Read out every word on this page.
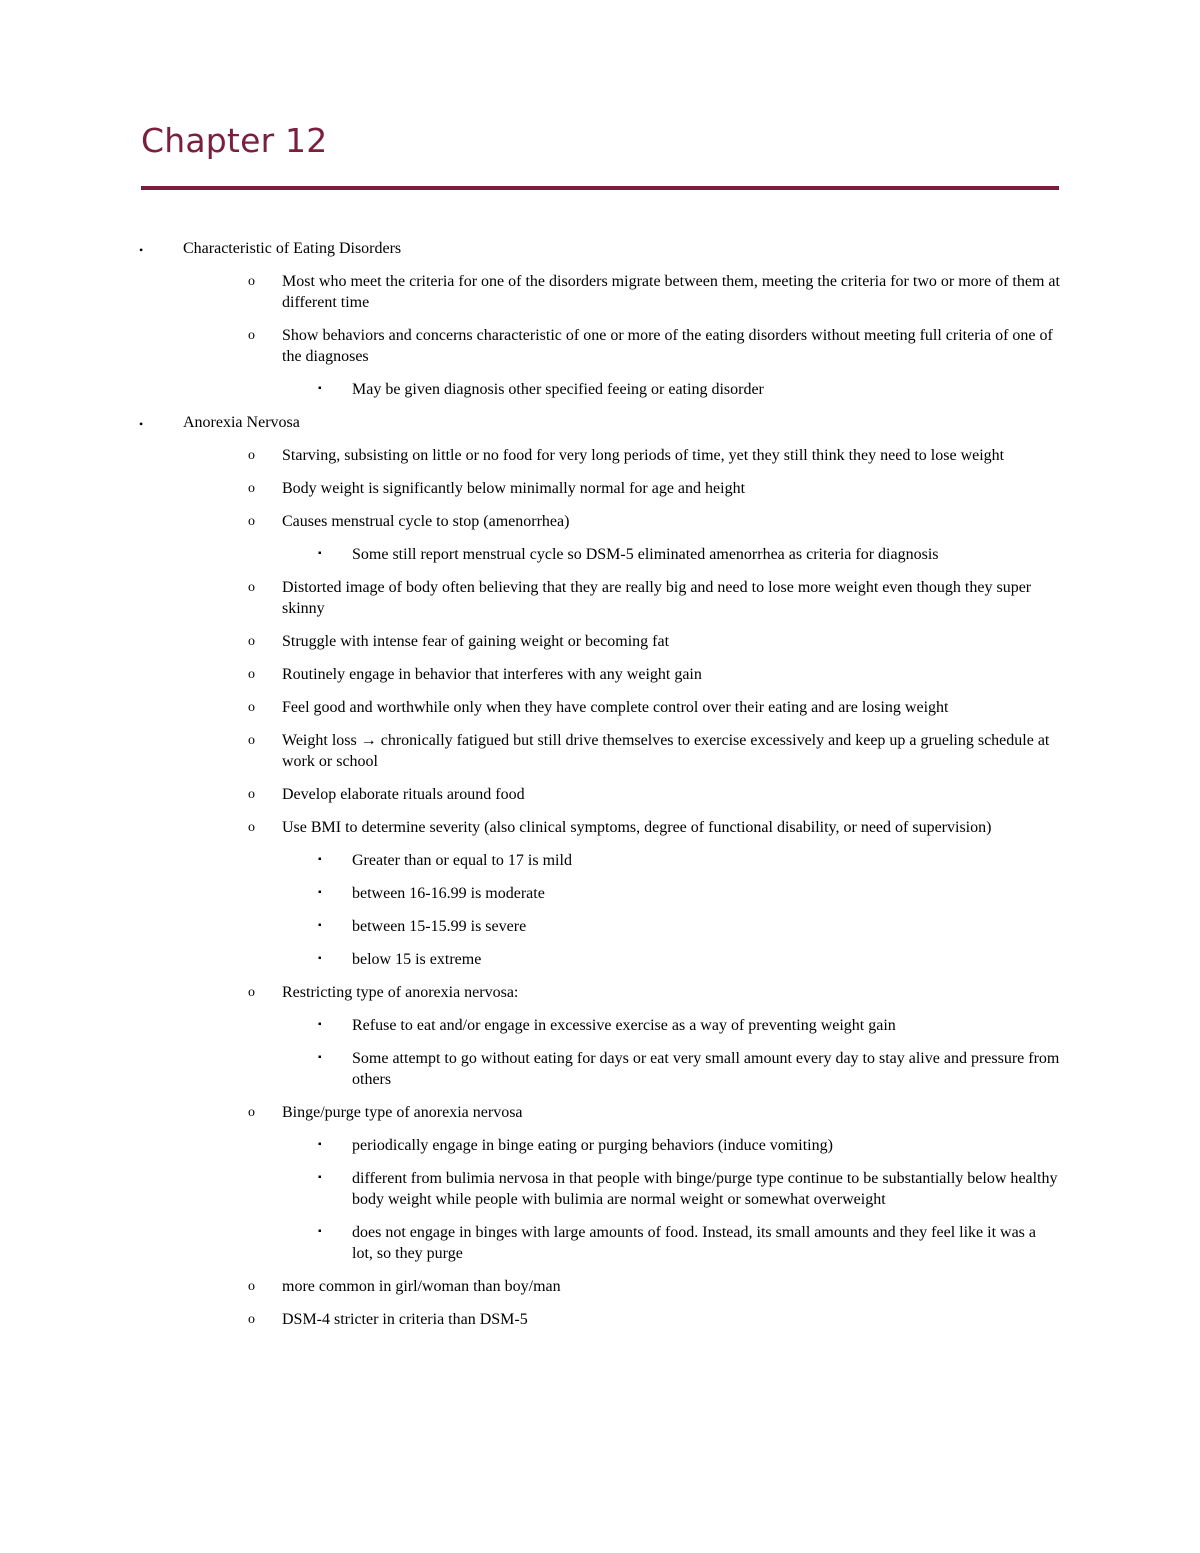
Chapter 12
• Characteristic of Eating Disorders
o Most who meet the criteria for one of the disorders migrate between them, meeting the criteria for two or more of them at different time
o Show behaviors and concerns characteristic of one or more of the eating disorders without meeting full criteria of one of the diagnoses
▪ May be given diagnosis other specified feeing or eating disorder
• Anorexia Nervosa
o Starving, subsisting on little or no food for very long periods of time, yet they still think they need to lose weight
o Body weight is significantly below minimally normal for age and height
o Causes menstrual cycle to stop (amenorrhea)
▪ Some still report menstrual cycle so DSM-5 eliminated amenorrhea as criteria for diagnosis
o Distorted image of body often believing that they are really big and need to lose more weight even though they super skinny
o Struggle with intense fear of gaining weight or becoming fat
o Routinely engage in behavior that interferes with any weight gain
o Feel good and worthwhile only when they have complete control over their eating and are losing weight
o Weight loss → chronically fatigued but still drive themselves to exercise excessively and keep up a grueling schedule at work or school
o Develop elaborate rituals around food
o Use BMI to determine severity (also clinical symptoms, degree of functional disability, or need of supervision)
▪ Greater than or equal to 17 is mild
▪ between 16-16.99 is moderate
▪ between 15-15.99 is severe
▪ below 15 is extreme
o Restricting type of anorexia nervosa:
▪ Refuse to eat and/or engage in excessive exercise as a way of preventing weight gain
▪ Some attempt to go without eating for days or eat very small amount every day to stay alive and pressure from others
o Binge/purge type of anorexia nervosa
▪ periodically engage in binge eating or purging behaviors (induce vomiting)
▪ different from bulimia nervosa in that people with binge/purge type continue to be substantially below healthy body weight while people with bulimia are normal weight or somewhat overweight
▪ does not engage in binges with large amounts of food. Instead, its small amounts and they feel like it was a lot, so they purge
o more common in girl/woman than boy/man
o DSM-4 stricter in criteria than DSM-5
